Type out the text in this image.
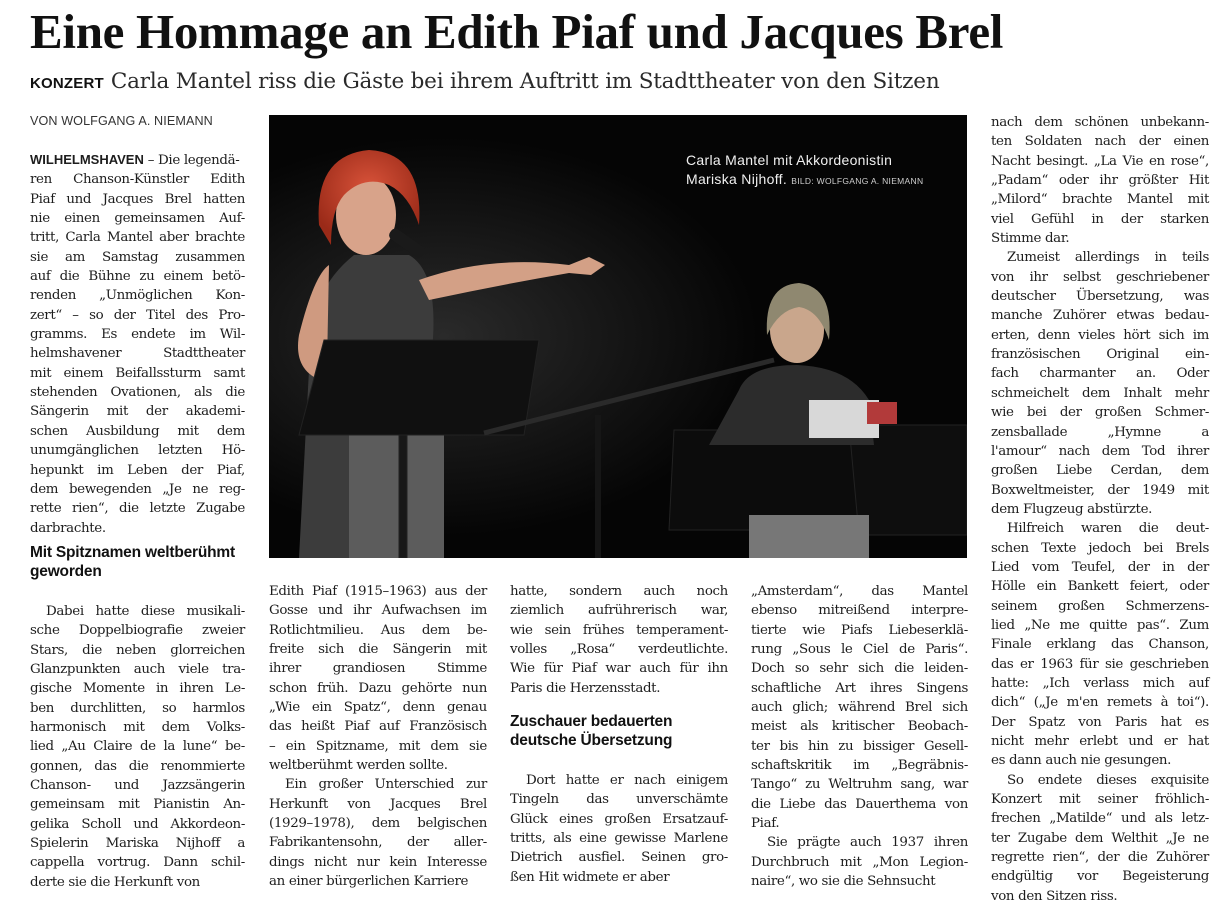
Eine Hommage an Edith Piaf und Jacques Brel
KONZERT Carla Mantel riss die Gäste bei ihrem Auftritt im Stadttheater von den Sitzen
VON WOLFGANG A. NIEMANN
WILHELMSHAVEN – Die legendä-
ren Chanson-Künstler Edith
Piaf und Jacques Brel hatten
nie einen gemeinsamen Auf-
tritt, Carla Mantel aber brachte
sie am Samstag zusammen
auf die Bühne zu einem betö-
renden „Unmöglichen Kon-
zert“ – so der Titel des Pro-
gramms. Es endete im Wil-
helmshavener	Stadttheater
mit einem Beifallssturm samt
stehenden Ovationen, als die
Sängerin mit der akademi-
schen Ausbildung mit dem
unumgänglichen letzten Hö-
hepunkt im Leben der Piaf,
dem bewegenden „Je ne reg-
rette rien“, die letzte Zugabe
darbrachte.
Mit Spitznamen weltberühmt geworden
Dabei hatte diese musikali-
sche Doppelbiografie zweier
Stars, die neben glorreichen
Glanzpunkten auch viele tra-
gische Momente in ihren Le-
ben durchlitten, so harmlos
harmonisch mit dem Volks-
lied „Au Claire de la lune“ be-
gonnen, das die renommierte
Chanson- und Jazzsängerin
gemeinsam mit Pianistin An-
gelika Scholl und Akkordeon-
Spielerin Mariska Nijhoff a
cappella vortrug. Dann schil-
derte sie die Herkunft von
Carla Mantel mit Akkordeonistin
Mariska Nijhoff. BILD: WOLFGANG A. NIEMANN
Edith Piaf (1915–1963) aus der
Gosse und ihr Aufwachsen im
Rotlichtmilieu. Aus dem be-
freite sich die Sängerin mit
ihrer grandiosen Stimme
schon früh. Dazu gehörte nun
„Wie ein Spatz“, denn genau
das heißt Piaf auf Französisch
– ein Spitzname, mit dem sie
weltberühmt werden sollte.
Ein großer Unterschied zur
Herkunft von Jacques Brel
(1929–1978), dem belgischen
Fabrikantensohn, der aller-
dings nicht nur kein Interesse
an einer bürgerlichen Karriere
hatte, sondern auch noch
ziemlich aufrührerisch war,
wie sein frühes temperament-
volles „Rosa“ verdeutlichte.
Wie für Piaf war auch für ihn
Paris die Herzensstadt.
Zuschauer bedauerten deutsche Übersetzung
Dort hatte er nach einigem
Tingeln das unverschämte
Glück eines großen Ersatzauf-
tritts, als eine gewisse Marlene
Dietrich ausfiel. Seinen gro-
ßen Hit widmete er aber
„Amsterdam“, das Mantel
ebenso mitreißend interpre-
tierte wie Piafs Liebeserklä-
rung „Sous le Ciel de Paris“.
Doch so sehr sich die leiden-
schaftliche Art ihres Singens
auch glich; während Brel sich
meist als kritischer Beobach-
ter bis hin zu bissiger Gesell-
schaftskritik im „Begräbnis-
Tango“ zu Weltruhm sang, war
die Liebe das Dauerthema von
Piaf.
Sie prägte auch 1937 ihren
Durchbruch mit „Mon Legion-
naire“, wo sie die Sehnsucht
nach dem schönen unbekann-
ten Soldaten nach der einen
Nacht besingt. „La Vie en rose“,
„Padam“ oder ihr größter Hit
„Milord“ brachte Mantel mit
viel Gefühl in der starken
Stimme dar.
Zumeist allerdings in teils
von ihr selbst geschriebener
deutscher Übersetzung, was
manche Zuhörer etwas bedau-
erten, denn vieles hört sich im
französischen Original ein-
fach charmanter an. Oder
schmeichelt dem Inhalt mehr
wie bei der großen Schmer-
zensballade	„Hymne	a
l'amour“ nach dem Tod ihrer
großen Liebe Cerdan, dem
Boxweltmeister, der 1949 mit
dem Flugzeug abstürzte.
Hilfreich waren die deut-
schen Texte jedoch bei Brels
Lied vom Teufel, der in der
Hölle ein Bankett feiert, oder
seinem großen Schmerzens-
lied „Ne me quitte pas“. Zum
Finale erklang das Chanson,
das er 1963 für sie geschrieben
hatte: „Ich verlass mich auf
dich“ („Je m'en remets à toi“).
Der Spatz von Paris hat es
nicht mehr erlebt und er hat
es dann auch nie gesungen.
So endete dieses exquisite
Konzert mit seiner fröhlich-
frechen „Matilde“ und als letz-
ter Zugabe dem Welthit „Je ne
regrette rien“, der die Zuhörer
endgültig vor Begeisterung
von den Sitzen riss.
